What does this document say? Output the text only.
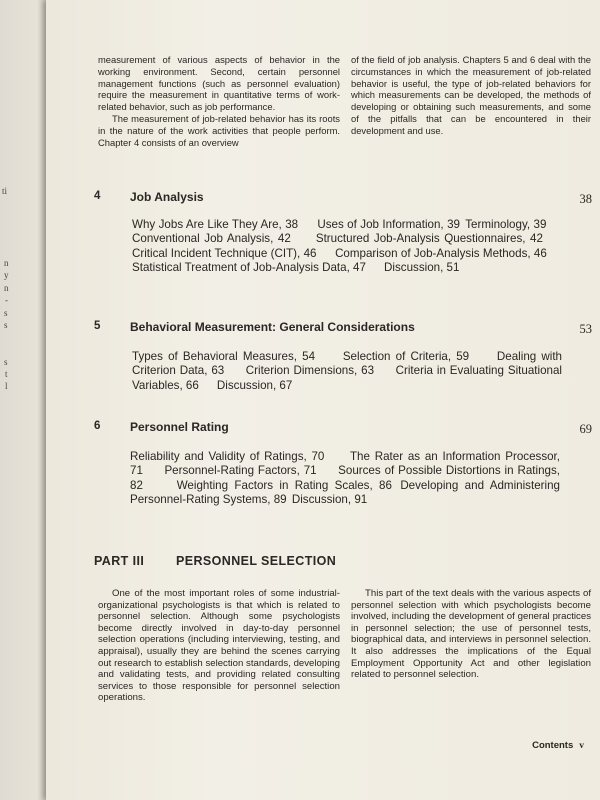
ti
n
y
n
-
s
s
s
t
l

measurement of various aspects of behavior in the working environment. Second, certain personnel management functions (such as personnel evaluation) require the measurement in quantitative terms of work-related behavior, such as job performance.

The measurement of job-related behavior has its roots in the nature of the work activities that people perform. Chapter 4 consists of an overview

of the field of job analysis. Chapters 5 and 6 deal with the circumstances in which the measurement of job-related behavior is useful, the type of job-related behaviors for which measurements can be developed, the methods of developing or obtaining such measurements, and some of the pitfalls that can be encountered in their development and use.

4 Job Analysis	38
Why Jobs Are Like They Are, 38 Uses of Job Information, 39 Terminology, 39     Conventional Job Analysis, 42 Structured Job-Analysis Questionnaires, 42     Critical Incident Technique (CIT), 46 Comparison of Job-Analysis Methods, 46     Statistical Treatment of Job-Analysis Data, 47 Discussion, 51
5 Behavioral Measurement: General Considerations	53
Types of Behavioral Measures, 54 Selection of Criteria, 59 Dealing with Criterion Data, 63 Criterion Dimensions, 63 Criteria in Evaluating Situational Variables, 66 Discussion, 67
6 Personnel Rating	69
Reliability and Validity of Ratings, 70 The Rater as an Information Processor, 71 Personnel-Rating Factors, 71 Sources of Possible Distortions in Ratings, 82	Weighting Factors in Rating Scales, 86 Developing and Administering Personnel-Rating Systems, 89 Discussion, 91
PART III	PERSONNEL SELECTION

One of the most important roles of some industrial-organizational psychologists is that which is related to personnel selection. Although some psychologists become directly involved in day-to-day personnel selection operations (including interviewing, testing, and appraisal), usually they are behind the scenes carrying out research to establish selection standards, developing and validating tests, and providing related consulting services to those responsible for personnel selection operations.

This part of the text deals with the various aspects of personnel selection with which psychologists become involved, including the development of general practices in personnel selection; the use of personnel tests, biographical data, and interviews in personnel selection. It also addresses the implications of the Equal Employment Opportunity Act and other legislation related to personnel selection.

Contents v
